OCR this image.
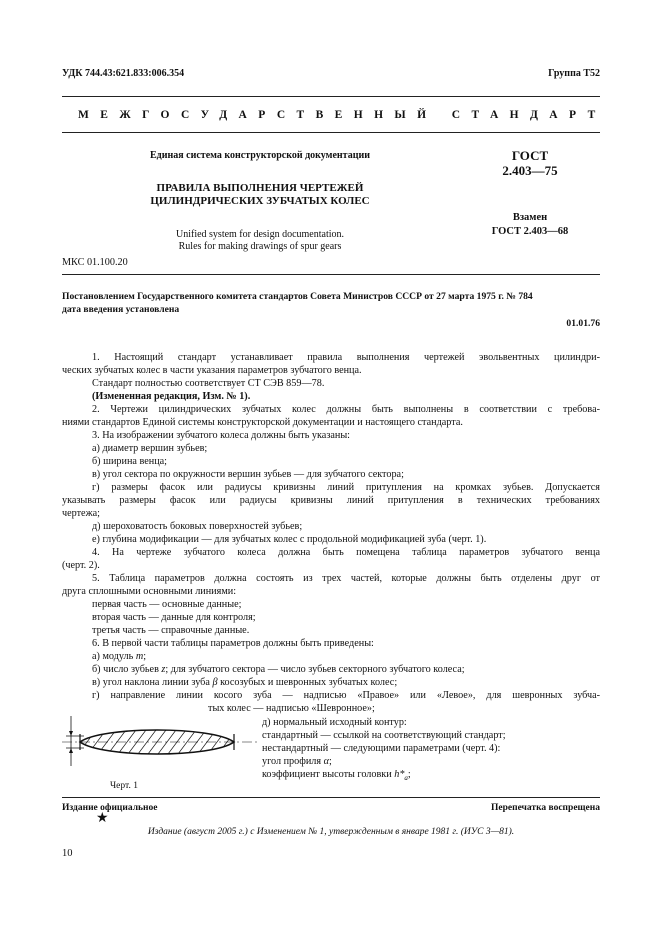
УДК 744.43:621.833:006.354	Группа Т52
МЕЖГОСУДАРСТВЕННЫЙ СТАНДАРТ
Единая система конструкторской документации
ПРАВИЛА ВЫПОЛНЕНИЯ ЧЕРТЕЖЕЙ
ЦИЛИНДРИЧЕСКИХ ЗУБЧАТЫХ КОЛЕС
Unified system for design documentation.
Rules for making drawings of spur gears
ГОСТ
2.403—75
Взамен
ГОСТ 2.403—68
МКС 01.100.20
Постановлением Государственного комитета стандартов Совета Министров СССР от 27 марта 1975 г. № 784
дата введения установлена
01.01.76
1. Настоящий стандарт устанавливает правила выполнения чертежей эвольвентных цилиндри-
ческих зубчатых колес в части указания параметров зубчатого венца.
Стандарт полностью соответствует СТ СЭВ 859—78.
(Измененная редакция, Изм. № 1).
2. Чертежи цилиндрических зубчатых колес должны быть выполнены в соответствии с требова-
ниями стандартов Единой системы конструкторской документации и настоящего стандарта.
3. На изображении зубчатого колеса должны быть указаны:
а) диаметр вершин зубьев;
б) ширина венца;
в) угол сектора по окружности вершин зубьев — для зубчатого сектора;
г) размеры фасок или радиусы кривизны линий притупления на кромках зубьев. Допускается
указывать размеры фасок или радиусы кривизны линий притупления в технических требованиях
чертежа;
д) шероховатость боковых поверхностей зубьев;
е) глубина модификации — для зубчатых колес с продольной модификацией зуба (черт. 1).
4. На чертеже зубчатого колеса должна быть помещена таблица параметров зубчатого венца
(черт. 2).
5. Таблица параметров должна состоять из трех частей, которые должны быть отделены друг от
друга сплошными основными линиями:
первая часть — основные данные;
вторая часть — данные для контроля;
третья часть — справочные данные.
6. В первой части таблицы параметров должны быть приведены:
а) модуль m;
б) число зубьев z; для зубчатого сектора — число зубьев секторного зубчатого колеса;
в) угол наклона линии зуба β косозубых и шевронных зубчатых колес;
г) направление линии косого зуба — надписью «Правое» или «Левое», для шевронных зубча-
тых колес — надписью «Шевронное»;
д) нормальный исходный контур:
стандартный — ссылкой на соответствующий стандарт;
нестандартный — следующими параметрами (черт. 4):
угол профиля α;
коэффициент высоты головки $h*_a$;
Черт. 1
Издание официальное	Перепечатка воспрещена
★
Издание (август 2005 г.) с Изменением № 1, утвержденным в январе 1981 г. (ИУС 3—81).
10
